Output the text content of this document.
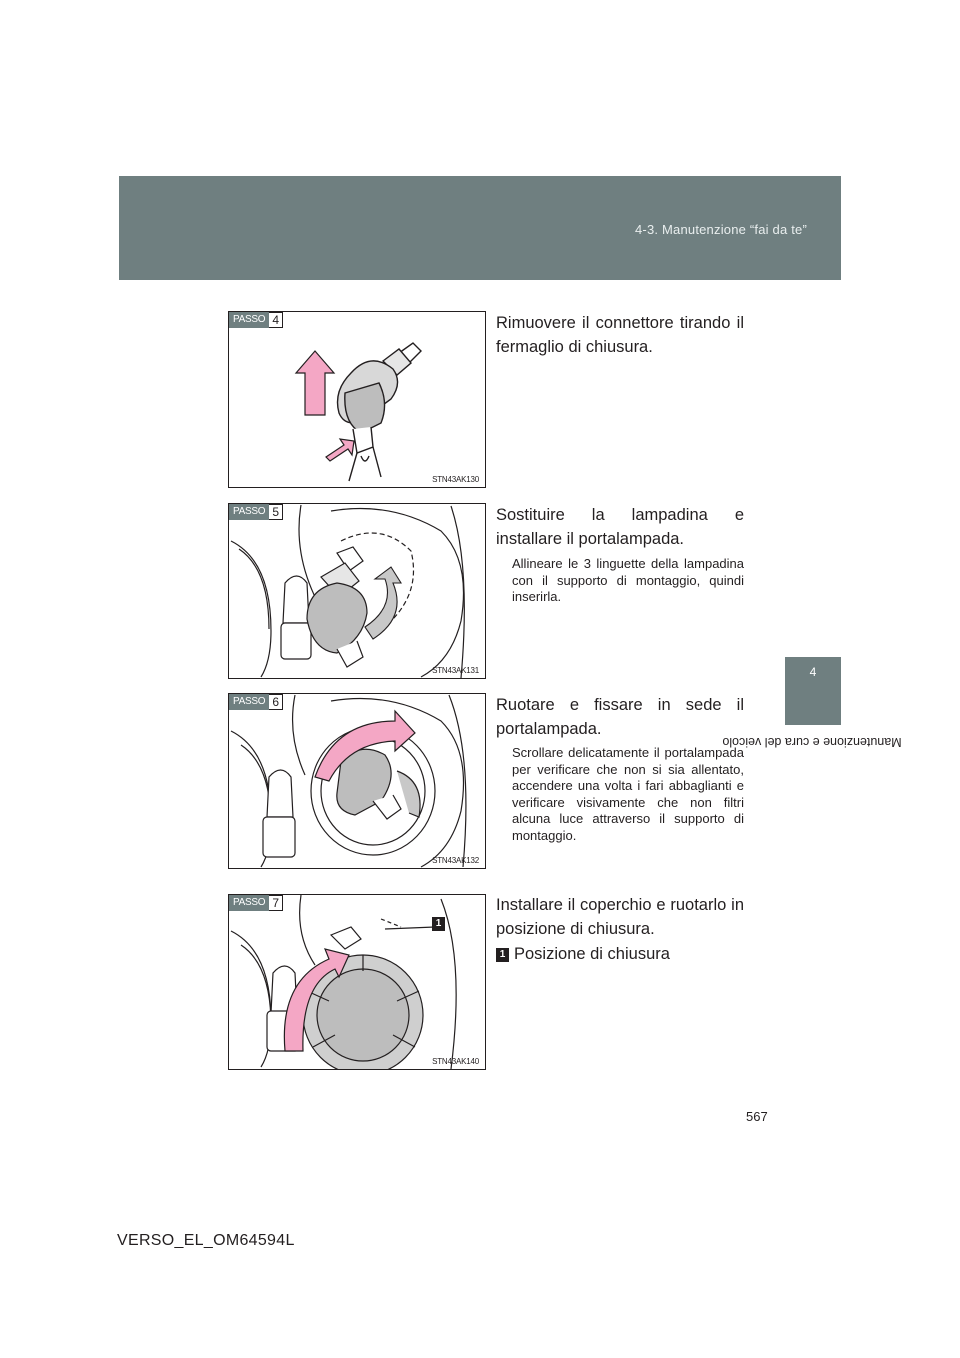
4-3. Manutenzione “fai da te”
4
Manutenzione e cura del veicolo
PASSO 4
STN43AK130
Rimuovere il connettore tirando il fermaglio di chiusura.
PASSO 5
STN43AK131
Sostituire la lampadina e installare il portalampada.
Allineare le 3 linguette della lampadina con il supporto di montaggio, quindi inserirla.
PASSO 6
STN43AK132
Ruotare e fissare in sede il portalampada.
Scrollare delicatamente il portalampada per verificare che non si sia allentato, accendere una volta i fari abbaglianti e verificare visivamente che non filtri alcuna luce attraverso il supporto di montaggio.
PASSO 7
1
STN43AK140
Installare il coperchio e ruotarlo in posizione di chiusura.
1 Posizione di chiusura
567
VERSO_EL_OM64594L
